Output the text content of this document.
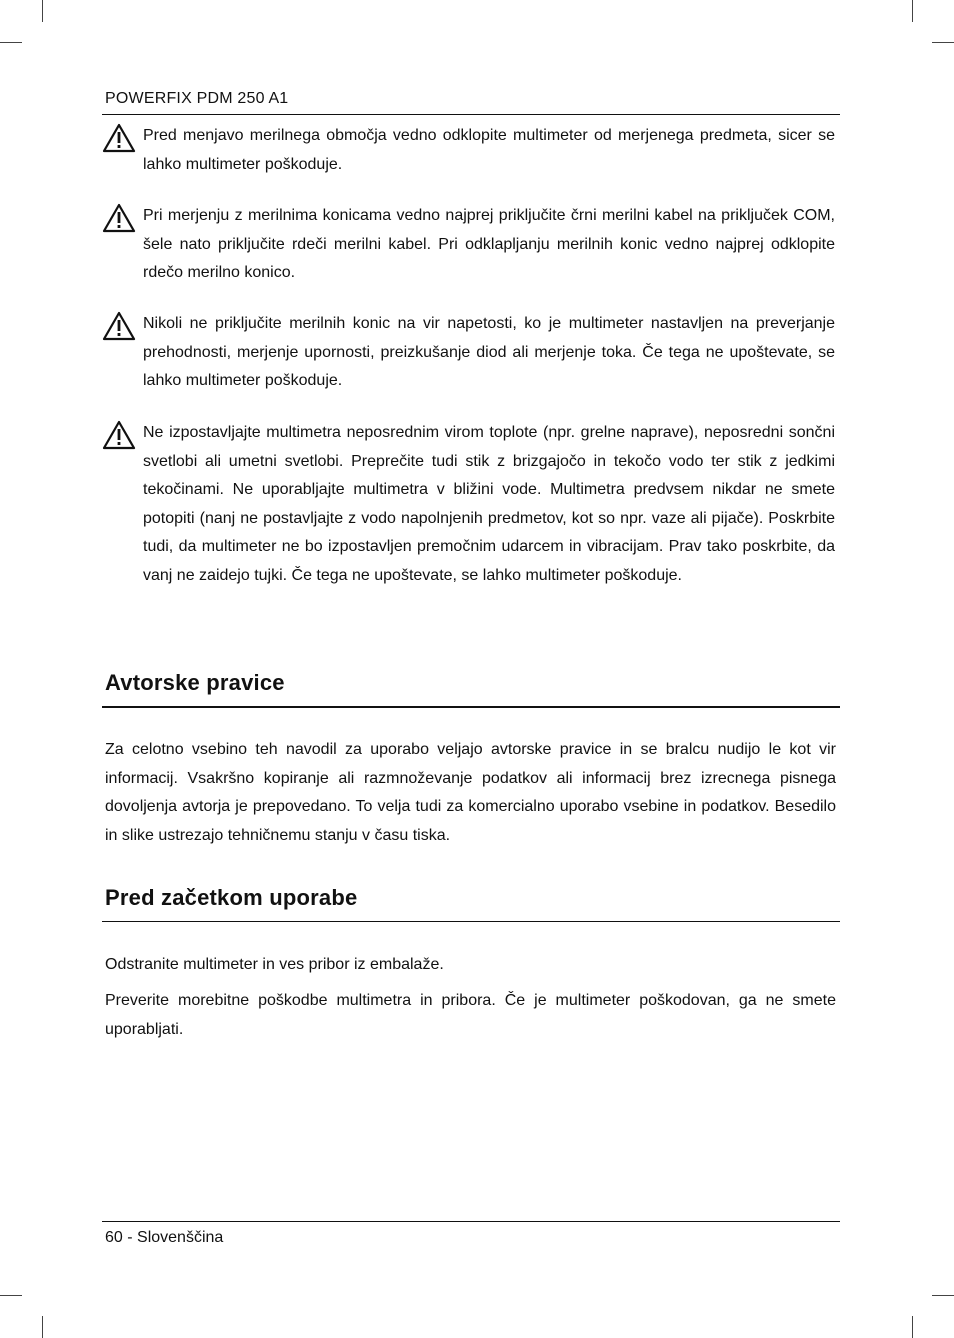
POWERFIX PDM 250 A1

Pred menjavo merilnega območja vedno odklopite multimeter od merjenega predmeta, sicer se lahko multimeter poškoduje.

Pri merjenju z merilnima konicama vedno najprej priključite črni merilni kabel na priključek COM, šele nato priključite rdeči merilni kabel. Pri odklapljanju merilnih konic vedno najprej odklopite rdečo merilno konico.

Nikoli ne priključite merilnih konic na vir napetosti, ko je multimeter nastavljen na preverjanje prehodnosti, merjenje upornosti, preizkušanje diod ali merjenje toka. Če tega ne upoštevate, se lahko multimeter poškoduje.

Ne izpostavljajte multimetra neposrednim virom toplote (npr. grelne naprave), neposredni sončni svetlobi ali umetni svetlobi. Preprečite tudi stik z brizgajočo in tekočo vodo ter stik z jedkimi tekočinami. Ne uporabljajte multimetra v bližini vode. Multimetra predvsem nikdar ne smete potopiti (nanj ne postavljajte z vodo napolnjenih predmetov, kot so npr. vaze ali pijače). Poskrbite tudi, da multimeter ne bo izpostavljen premočnim udarcem in vibracijam. Prav tako poskrbite, da vanj ne zaidejo tujki. Če tega ne upoštevate, se lahko multimeter poškoduje.

Avtorske pravice

Za celotno vsebino teh navodil za uporabo veljajo avtorske pravice in se bralcu nudijo le kot vir informacij. Vsakršno kopiranje ali razmnoževanje podatkov ali informacij brez izrecnega pisnega dovoljenja avtorja je prepovedano. To velja tudi za komercialno uporabo vsebine in podatkov. Besedilo in slike ustrezajo tehničnemu stanju v času tiska.

Pred začetkom uporabe

Odstranite multimeter in ves pribor iz embalaže.

Preverite morebitne poškodbe multimetra in pribora. Če je multimeter poškodovan, ga ne smete uporabljati.

60 - Slovenščina
